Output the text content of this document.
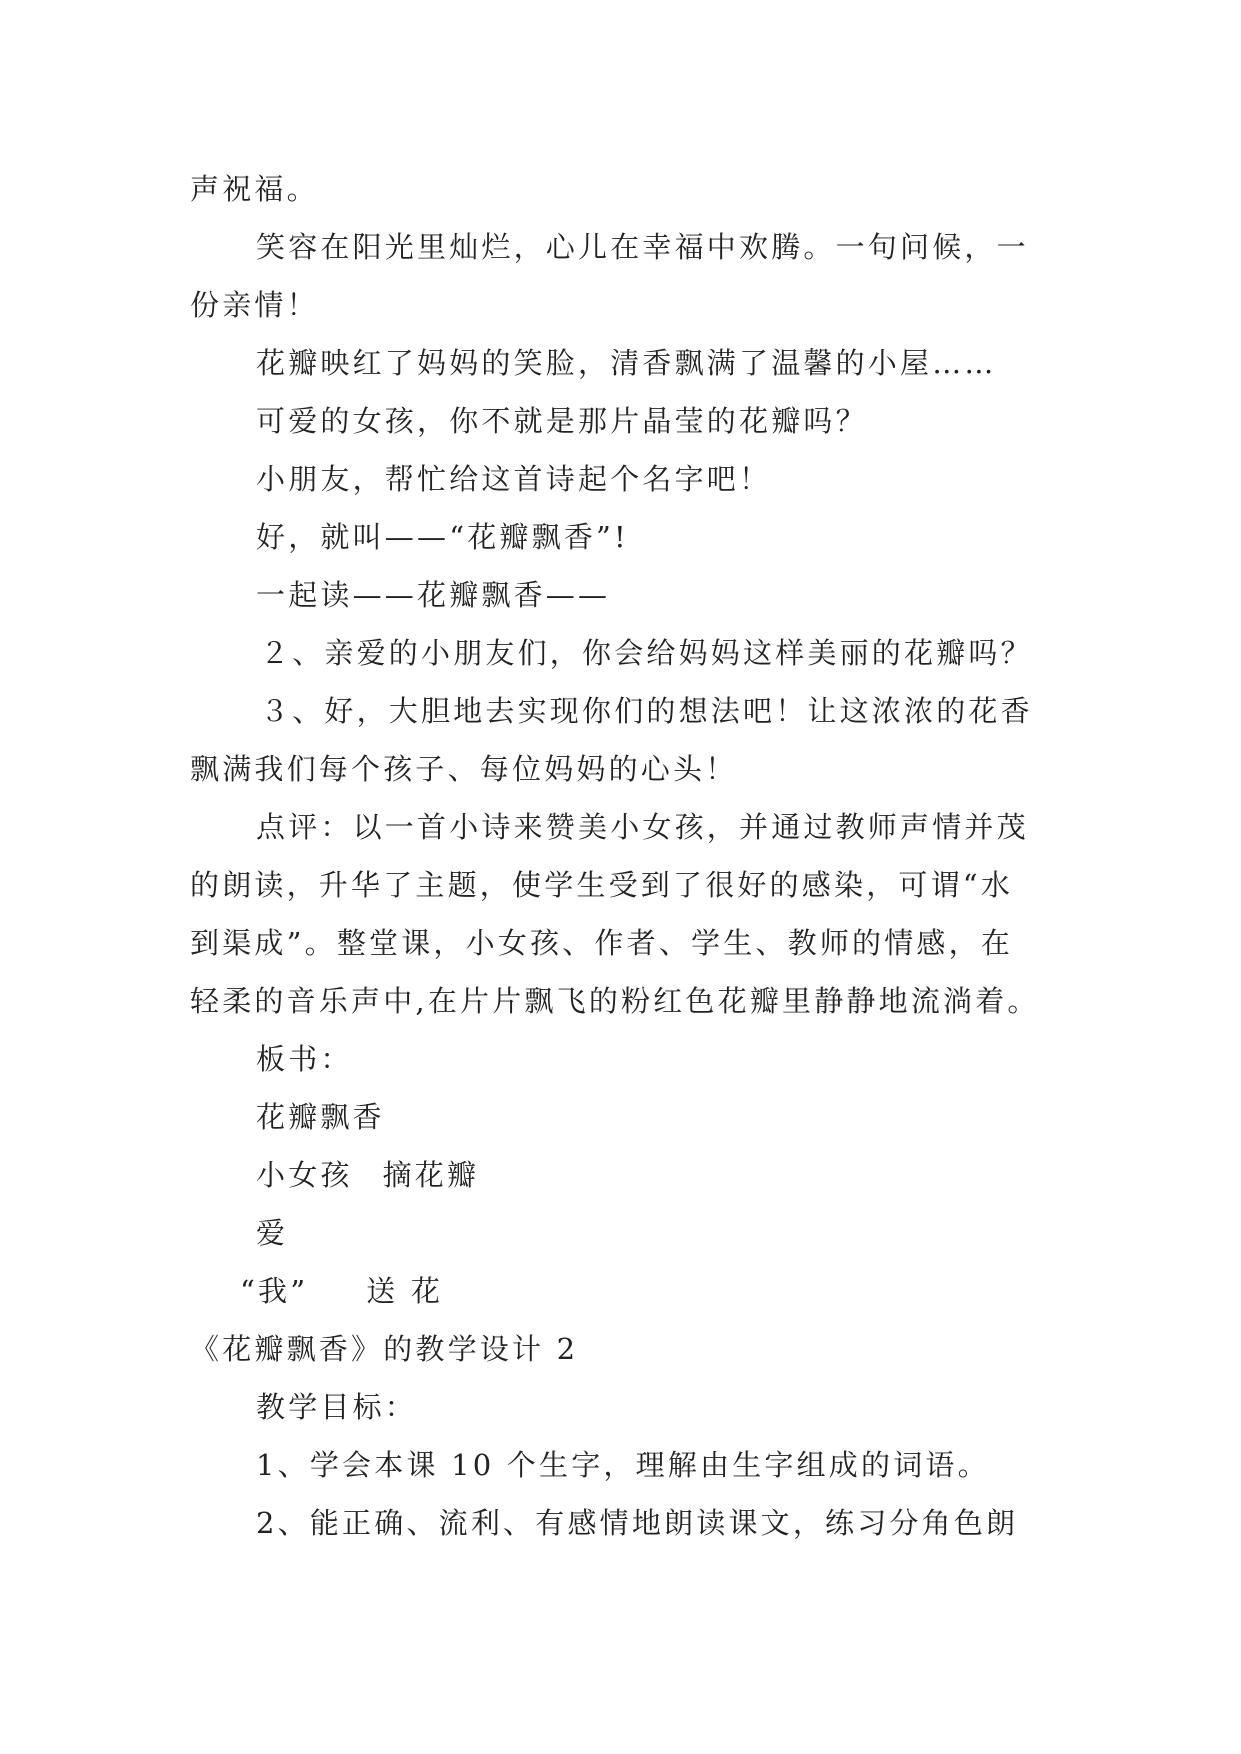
声祝福。
笑容在阳光里灿烂，心儿在幸福中欢腾。一句问候，一
份亲情！
花瓣映红了妈妈的笑脸，清香飘满了温馨的小屋……
可爱的女孩，你不就是那片晶莹的花瓣吗？
小朋友，帮忙给这首诗起个名字吧！
好，就叫——“花瓣飘香”!
一起读——花瓣飘香——
２、亲爱的小朋友们，你会给妈妈这样美丽的花瓣吗？
３、好，大胆地去实现你们的想法吧！让这浓浓的花香
飘满我们每个孩子、每位妈妈的心头！
点评：以一首小诗来赞美小女孩，并通过教师声情并茂
的朗读，升华了主题，使学生受到了很好的感染，可谓“水
到渠成”。整堂课，小女孩、作者、学生、教师的情感，在
轻柔的音乐声中,在片片飘飞的粉红色花瓣里静静地流淌着。
板书：
花瓣飘香
小女孩 摘花瓣
爱
“我” 送 花
《花瓣飘香》的教学设计 2
教学目标：
1、学会本课 10 个生字，理解由生字组成的词语。
2、能正确、流利、有感情地朗读课文，练习分角色朗
